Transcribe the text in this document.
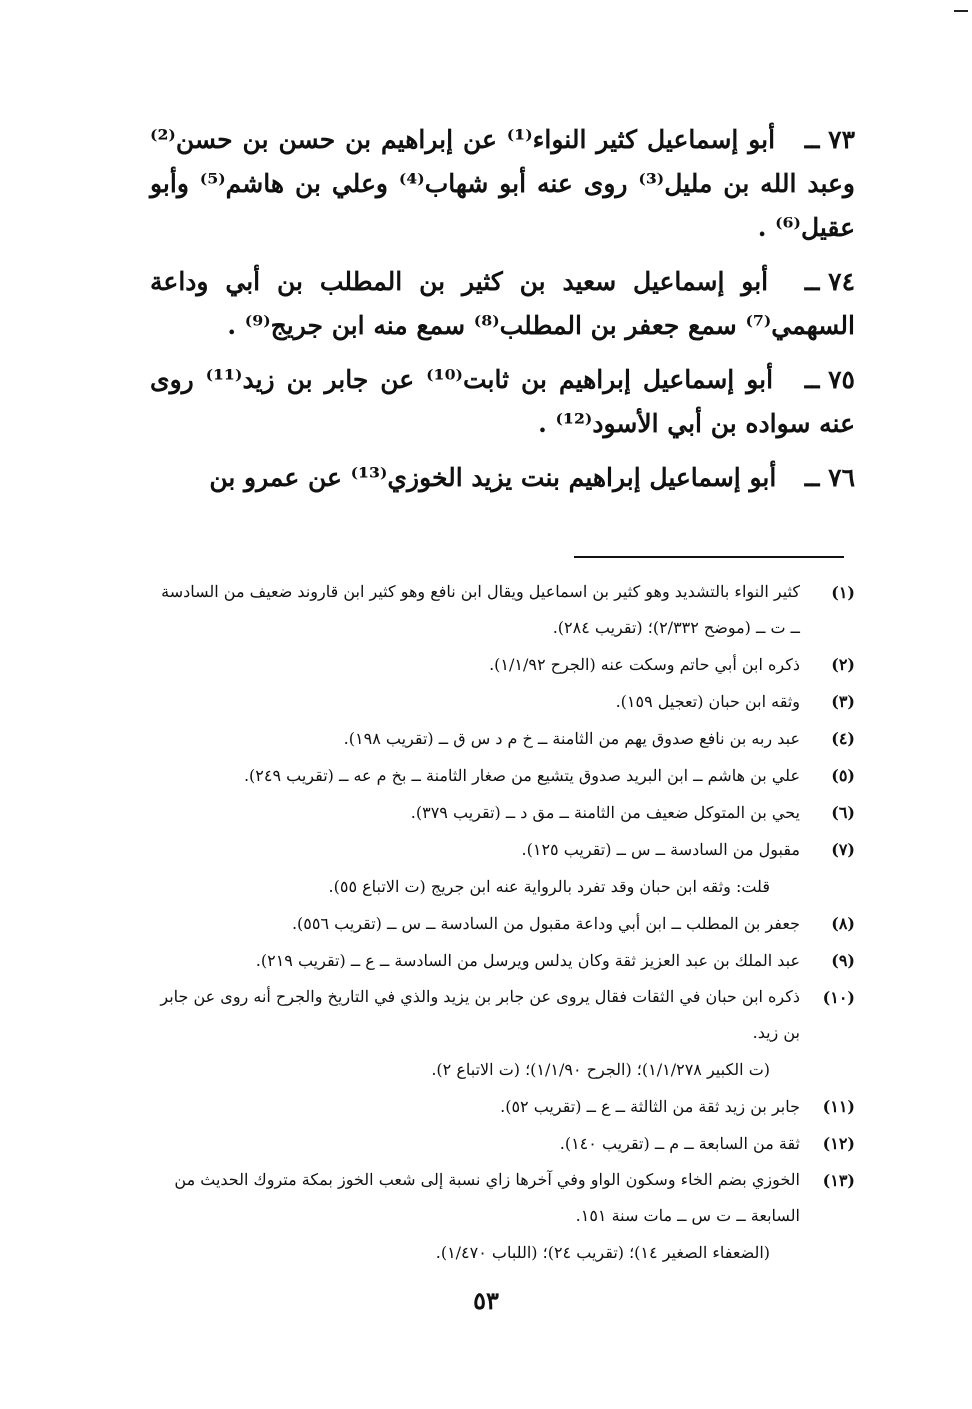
٧٣ ــ أبو إسماعيل كثير النواء⁽¹⁾ عن إبراهيم بن حسن بن حسن⁽²⁾ وعبد الله بن مليل⁽³⁾ روى عنه أبو شهاب⁽⁴⁾ وعلي بن هاشم⁽⁵⁾ وأبو عقيل⁽⁶⁾ .
٧٤ ــ أبو إسماعيل سعيد بن كثير بن المطلب بن أبي وداعة السهمي⁽⁷⁾ سمع جعفر بن المطلب⁽⁸⁾ سمع منه ابن جريج⁽⁹⁾ .
٧٥ ــ أبو إسماعيل إبراهيم بن ثابت⁽¹⁰⁾ عن جابر بن زيد⁽¹¹⁾ روى عنه سواده بن أبي الأسود⁽¹²⁾ .
٧٦ ــ أبو إسماعيل إبراهيم بنت يزيد الخوزي⁽¹³⁾ عن عمرو بن
(١)
كثير النواء بالتشديد وهو كثير بن اسماعيل ويقال ابن نافع وهو كثير ابن قاروند ضعيف من السادسة ــ ت ــ (موضح ٢/٣٣٢)؛ (تقريب ٢٨٤).
(٢)
ذكره ابن أبي حاتم وسكت عنه (الجرح ١/١/٩٢).
(٣)
وثقه ابن حبان (تعجيل ١٥٩).
(٤)
عبد ربه بن نافع صدوق يهم من الثامنة ــ خ م د س ق ــ (تقريب ١٩٨).
(٥)
علي بن هاشم ــ ابن البريد صدوق يتشيع من صغار الثامنة ــ بخ م عه ــ (تقريب ٢٤٩).
(٦)
يحي بن المتوكل ضعيف من الثامنة ــ مق د ــ (تقريب ٣٧٩).
(٧)
مقبول من السادسة ــ س ــ (تقريب ١٢٥).
قلت: وثقه ابن حبان وقد تفرد بالرواية عنه ابن جريج (ت الاتباع ٥٥).
(٨)
جعفر بن المطلب ــ ابن أبي وداعة مقبول من السادسة ــ س ــ (تقريب ٥٥٦).
(٩)
عبد الملك بن عبد العزيز ثقة وكان يدلس ويرسل من السادسة ــ ع ــ (تقريب ٢١٩).
(١٠)
ذكره ابن حبان في الثقات فقال يروى عن جابر بن يزيد والذي في التاريخ والجرح أنه روى عن جابر بن زيد.
(ت الكبير ١/١/٢٧٨)؛ (الجرح ١/١/٩٠)؛ (ت الاتباع ٢).
(١١)
جابر بن زيد ثقة من الثالثة ــ ع ــ (تقريب ٥٢).
(١٢)
ثقة من السابعة ــ م ــ (تقريب ١٤٠).
(١٣)
الخوزي بضم الخاء وسكون الواو وفي آخرها زاي نسبة إلى شعب الخوز بمكة متروك الحديث من السابعة ــ ت س ــ مات سنة ١٥١.
(الضعفاء الصغير ١٤)؛ (تقريب ٢٤)؛ (اللباب ١/٤٧٠).
٥٣
